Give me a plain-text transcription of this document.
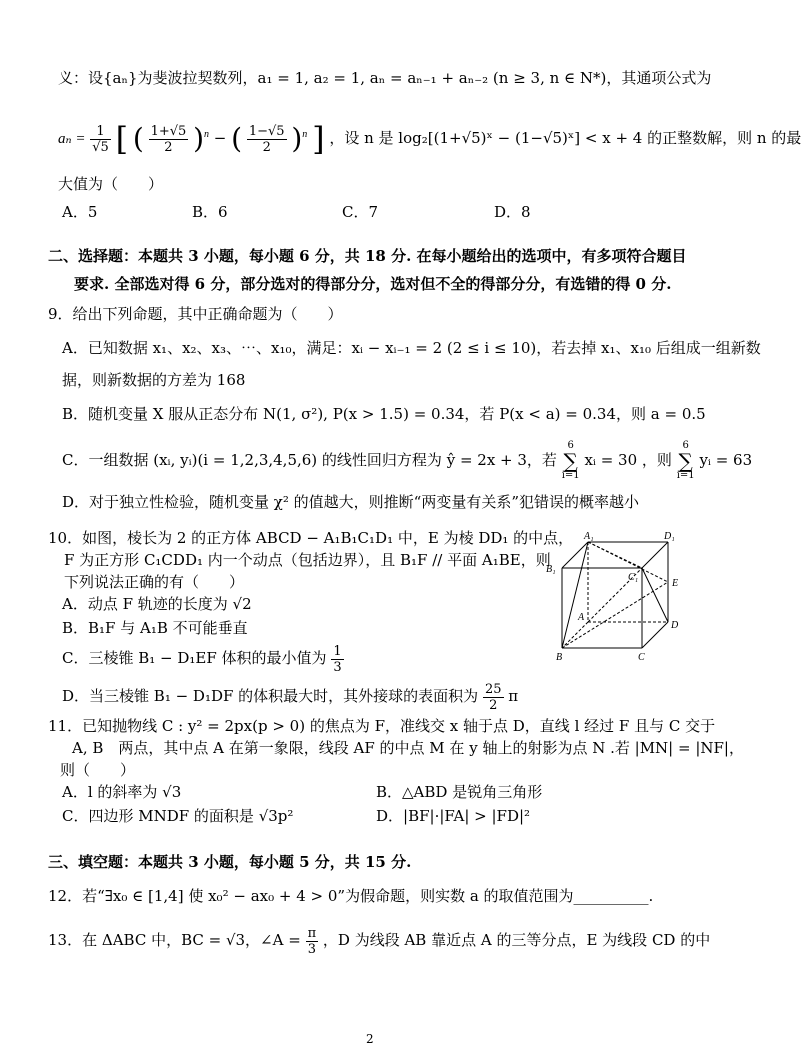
义：设{aₙ}为斐波拉契数列，a₁ = 1, a₂ = 1, aₙ = aₙ₋₁ + aₙ₋₂ (n ≥ 3, n ∈ N*)，其通项公式为
$a_n = \frac{1}{√5}$ [ ( $\frac{1+√5}{2} )^n$ − ( $\frac{1-√5}{2} )^n$ ] ，设 n 是 log₂[(1+√5)ˣ − (1−√5)ˣ] < x + 4 的正整数解，则 n 的最
大值为（　　）
A．5	B．6	C．7	D．8
二、选择题：本题共 3 小题，每小题 6 分，共 18 分. 在每小题给出的选项中，有多项符合题目
要求. 全部选对得 6 分，部分选对的得部分分，选对但不全的得部分分，有选错的得 0 分.
9．给出下列命题，其中正确命题为（　　）
A．已知数据 x₁、x₂、x₃、⋯、x₁₀，满足：xᵢ − xᵢ₋₁ = 2 (2 ≤ i ≤ 10)，若去掉 x₁、x₁₀ 后组成一组新数
据，则新数据的方差为 168
B．随机变量 X 服从正态分布 N(1, σ²), P(x > 1.5) = 0.34，若 P(x < a) = 0.34，则 a = 0.5
C．一组数据 (xᵢ, yᵢ)(i = 1,2,3,4,5,6) 的线性回归方程为 ŷ = 2x + 3，若 6
∑
i=1 xᵢ = 30 ，则 6
∑
i=1 yᵢ = 63
D．对于独立性检验，随机变量 χ² 的值越大，则推断“两变量有关系”犯错误的概率越小
10．如图，棱长为 2 的正方体 ABCD − A₁B₁C₁D₁ 中，E 为棱 DD₁ 的中点，
F 为正方形 C₁CDD₁ 内一个动点（包括边界），且 B₁F // 平面 A₁BE，则
下列说法正确的有（　　）
A．动点 F 轨迹的长度为 √2
B．B₁F 与 A₁B 不可能垂直
C．三棱锥 B₁ − D₁EF 体积的最小值为 $\frac{1}{3}$
D．当三棱锥 B₁ − D₁DF 的体积最大时，其外接球的表面积为 $\frac{25}{2}$ π
A₁	D₁
B₁
C₁
E
A
D
B	C
11．已知抛物线 C : y² = 2px(p > 0) 的焦点为 F，准线交 x 轴于点 D，直线 l 经过 F 且与 C 交于
A, B　两点，其中点 A 在第一象限，线段 AF 的中点 M 在 y 轴上的射影为点 N .若 |MN| = |NF|，
则（　　）
A．l 的斜率为 √3	B．△ABD 是锐角三角形
C．四边形 MNDF 的面积是 √3p²	D．|BF|·|FA| > |FD|²
三、填空题：本题共 3 小题，每小题 5 分，共 15 分.
12．若“∃x₀ ∈ [1,4] 使 x₀² − ax₀ + 4 > 0”为假命题，则实数 a 的取值范围为__________.
13．在 ΔABC 中，BC = √3，∠A = $\frac{\pi}{3}$ ，D 为线段 AB 靠近点 A 的三等分点，E 为线段 CD 的中
2
